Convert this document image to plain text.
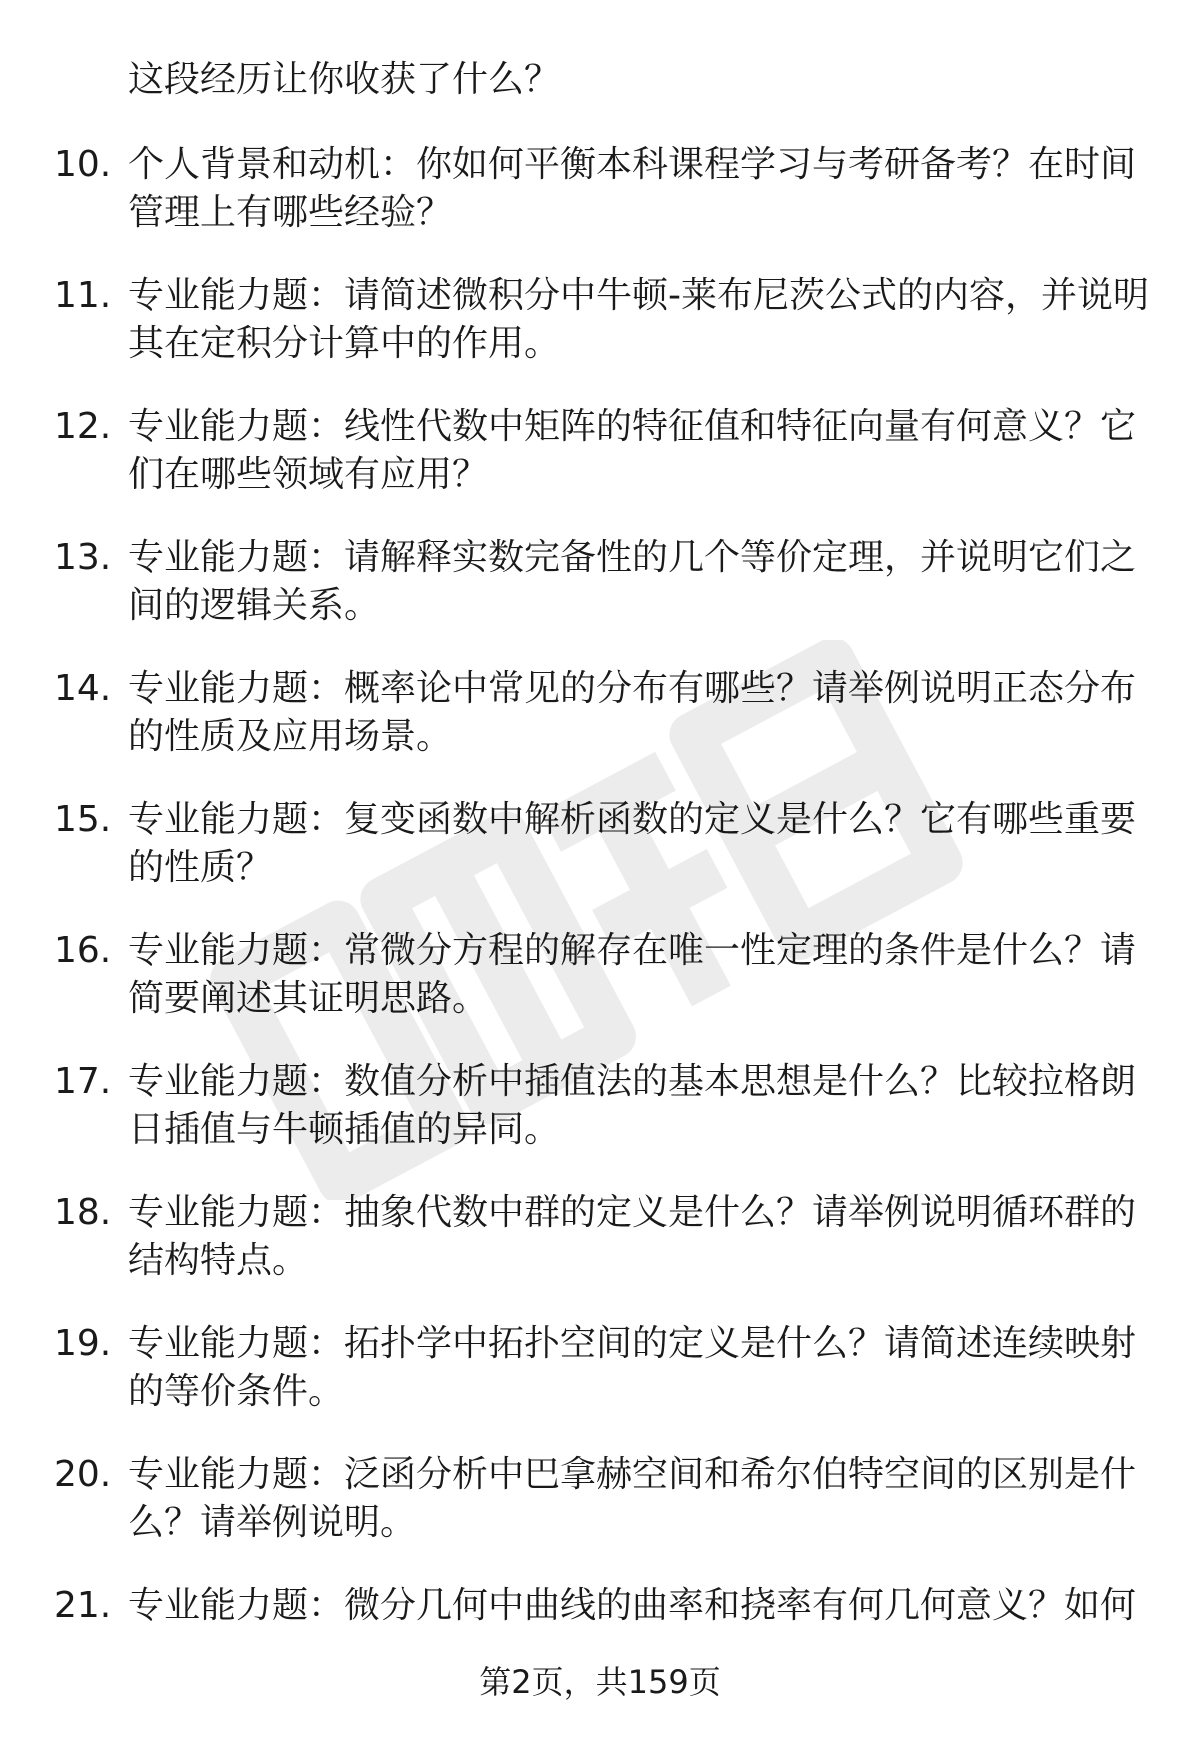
这段经历让你收获了什么？
10. 个人背景和动机：你如何平衡本科课程学习与考研备考？在时间
管理上有哪些经验？
11. 专业能力题：请简述微积分中牛顿-莱布尼茨公式的内容，并说明
其在定积分计算中的作用。
12. 专业能力题：线性代数中矩阵的特征值和特征向量有何意义？它
们在哪些领域有应用？
13. 专业能力题：请解释实数完备性的几个等价定理，并说明它们之
间的逻辑关系。
14. 专业能力题：概率论中常见的分布有哪些？请举例说明正态分布
的性质及应用场景。
15. 专业能力题：复变函数中解析函数的定义是什么？它有哪些重要
的性质？
16. 专业能力题：常微分方程的解存在唯一性定理的条件是什么？请
简要阐述其证明思路。
17. 专业能力题：数值分析中插值法的基本思想是什么？比较拉格朗
日插值与牛顿插值的异同。
18. 专业能力题：抽象代数中群的定义是什么？请举例说明循环群的
结构特点。
19. 专业能力题：拓扑学中拓扑空间的定义是什么？请简述连续映射
的等价条件。
20. 专业能力题：泛函分析中巴拿赫空间和希尔伯特空间的区别是什
么？请举例说明。
21. 专业能力题：微分几何中曲线的曲率和挠率有何几何意义？如何
第2页，共159页
